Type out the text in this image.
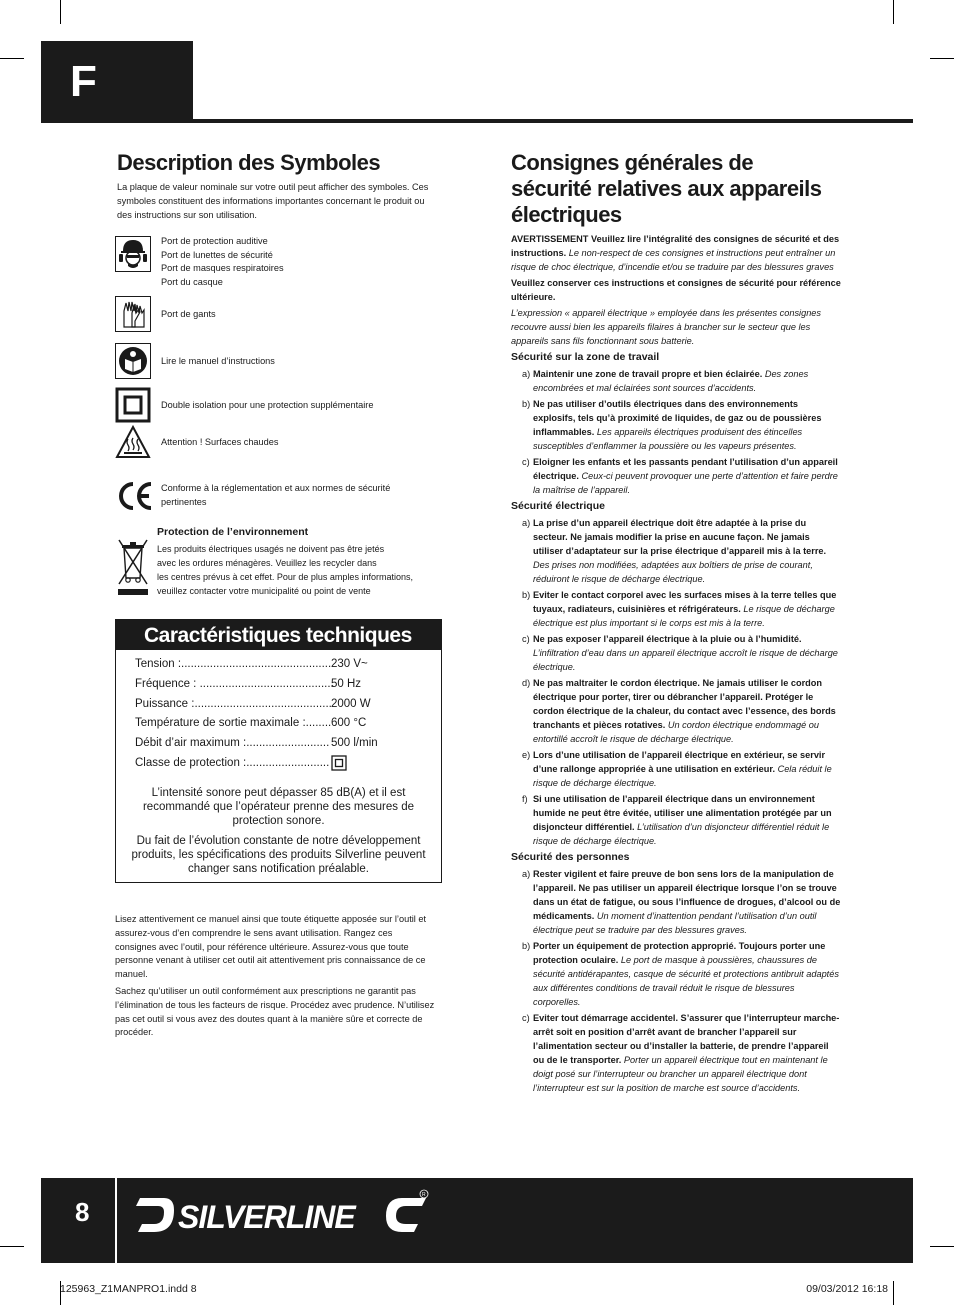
F
Description des Symboles

La plaque de valeur nominale sur votre outil peut afficher des symboles. Ces symboles constituent des informations importantes concernant le produit ou des instructions sur son utilisation.

Port de protection auditive
Port de lunettes de sécurité
Port de masques respiratoires
Port du casque
Port de gants
Lire le manuel d’instructions
Double isolation pour une protection supplémentaire
Attention ! Surfaces chaudes
Conforme à la réglementation et aux normes de sécurité
pertinentes
Protection de l’environnement
Les produits électriques usagés ne doivent pas être jetés
avec les ordures ménagères. Veuillez les recycler dans
les centres prévus à cet effet. Pour de plus amples informations,
veuillez contacter votre municipalité ou point de vente
Caractéristiques techniques
Tension :............................................... 230 V~
Fréquence : ..........................................
50 Hz
Puissance :........................................... 2000 W
Température de sortie maximale :........ 600 °C
Débit d’air maximum :.......................... 500 l/min
Classe de protection :..........................
L’intensité sonore peut dépasser 85 dB(A) et il est recommandé que l’opérateur prenne des mesures de protection sonore.
Du fait de l’évolution constante de notre développement produits, les spécifications des produits Silverline peuvent changer sans notification préalable.

Lisez attentivement ce manuel ainsi que toute étiquette apposée sur l’outil et assurez-vous d’en comprendre le sens avant utilisation. Rangez ces consignes avec l’outil, pour référence ultérieure. Assurez-vous que toute personne venant à utiliser cet outil ait attentivement pris connaissance de ce manuel.

Sachez qu’utiliser un outil conformément aux prescriptions ne garantit pas l’élimination de tous les facteurs de risque. Procédez avec prudence. N’utilisez pas cet outil si vous avez des doutes quant à la manière sûre et correcte de procéder.

Consignes générales de
sécurité relatives aux appareils
électriques

AVERTISSEMENT Veuillez lire l’intégralité des consignes de sécurité et des instructions. Le non-respect de ces consignes et instructions peut entraîner un risque de choc électrique, d’incendie et/ou se traduire par des blessures graves

Veuillez conserver ces instructions et consignes de sécurité pour référence ultérieure.

L’expression « appareil électrique » employée dans les présentes consignes recouvre aussi bien les appareils filaires à brancher sur le secteur que les appareils sans fils fonctionnant sous batterie.

Sécurité sur la zone de travail
a) Maintenir une zone de travail propre et bien éclairée. Des zones encombrées et mal éclairées sont sources d’accidents.
b) Ne pas utiliser d’outils électriques dans des environnements explosifs, tels qu’à proximité de liquides, de gaz ou de poussières inflammables. Les appareils électriques produisent des étincelles susceptibles d’enflammer la poussière ou les vapeurs présentes.
c) Eloigner les enfants et les passants pendant l’utilisation d’un appareil électrique. Ceux-ci peuvent provoquer une perte d’attention et faire perdre la maîtrise de l’appareil.
Sécurité électrique
a) La prise d’un appareil électrique doit être adaptée à la prise du secteur. Ne jamais modifier la prise en aucune façon. Ne jamais utiliser d’adaptateur sur la prise électrique d’appareil mis à la terre. Des prises non modifiées, adaptées aux boîtiers de prise de courant, réduiront le risque de décharge électrique.
b) Eviter le contact corporel avec les surfaces mises à la terre telles que tuyaux, radiateurs, cuisinières et réfrigérateurs. Le risque de décharge électrique est plus important si le corps est mis à la terre.
c) Ne pas exposer l’appareil électrique à la pluie ou à l’humidité. L’infiltration d’eau dans un appareil électrique accroît le risque de décharge électrique.
d) Ne pas maltraiter le cordon électrique. Ne jamais utiliser le cordon électrique pour porter, tirer ou débrancher l’appareil. Protéger le cordon électrique de la chaleur, du contact avec l’essence, des bords tranchants et pièces rotatives. Un cordon électrique endommagé ou entortillé accroît le risque de décharge électrique.
e) Lors d’une utilisation de l’appareil électrique en extérieur, se servir d’une rallonge appropriée à une utilisation en extérieur. Cela réduit le risque de décharge électrique.
f) Si une utilisation de l’appareil électrique dans un environnement humide ne peut être évitée, utiliser une alimentation protégée par un disjoncteur différentiel. L’utilisation d’un disjoncteur différentiel réduit le risque de décharge électrique.
Sécurité des personnes
a) Rester vigilent et faire preuve de bon sens lors de la manipulation de l’appareil. Ne pas utiliser un appareil électrique lorsque l’on se trouve dans un état de fatigue, ou sous l’influence de drogues, d’alcool ou de médicaments. Un moment d’inattention pendant l’utilisation d’un outil électrique peut se traduire par des blessures graves.
b) Porter un équipement de protection approprié. Toujours porter une protection oculaire. Le port de masque à poussières, chaussures de sécurité antidérapantes, casque de sécurité et protections antibruit adaptés aux différentes conditions de travail réduit le risque de blessures corporelles.
c) Eviter tout démarrage accidentel. S’assurer que l’interrupteur marche-arrêt soit en position d’arrêt avant de brancher l’appareil sur l’alimentation secteur ou d’installer la batterie, de prendre l’appareil ou de le transporter. Porter un appareil électrique tout en maintenant le doigt posé sur l’interrupteur ou brancher un appareil électrique dont l’interrupteur est sur la position de marche est source d’accidents.
8	SILVERLINE
R
125963_Z1MANPRO1.indd 8	09/03/2012 16:18
